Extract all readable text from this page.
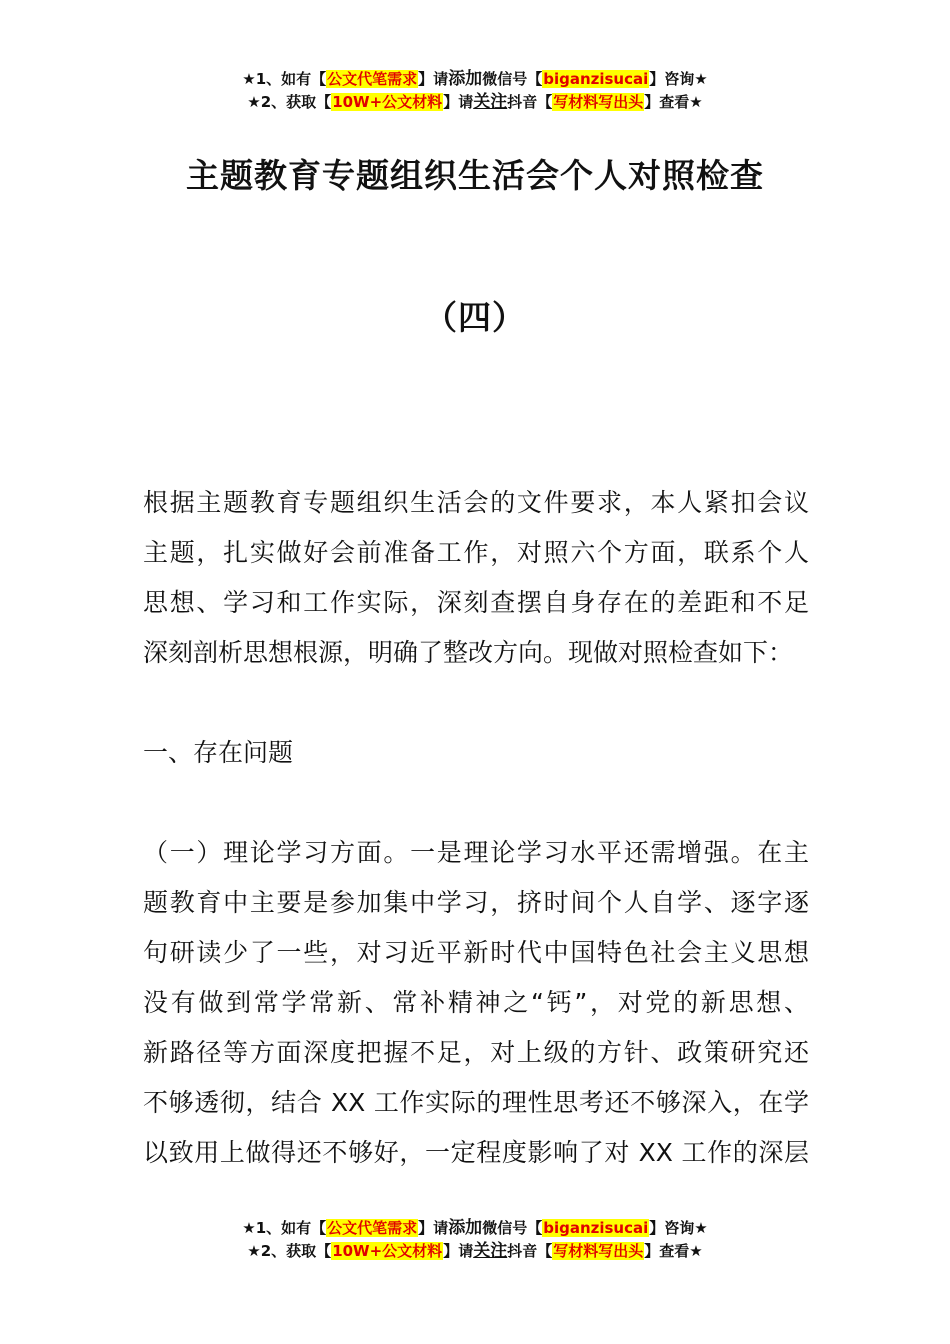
★1、如有【公文代笔需求】请添加微信号【biganzisucai】咨询★
★2、获取【10W+公文材料】请关注抖音【写材料写出头】查看★
主题教育专题组织生活会个人对照检查
（四）
根据主题教育专题组织生活会的文件要求，本人紧扣会议
主题，扎实做好会前准备工作，对照六个方面，联系个人
思想、学习和工作实际，深刻查摆自身存在的差距和不足
深刻剖析思想根源，明确了整改方向。现做对照检查如下：
一、存在问题
（一）理论学习方面。一是理论学习水平还需增强。在主
题教育中主要是参加集中学习，挤时间个人自学、逐字逐
句研读少了一些，对习近平新时代中国特色社会主义思想
没有做到常学常新、常补精神之“钙”，对党的新思想、
新路径等方面深度把握不足，对上级的方针、政策研究还
不够透彻，结合 XX 工作实际的理性思考还不够深入，在学
以致用上做得还不够好，一定程度影响了对 XX 工作的深层
★1、如有【公文代笔需求】请添加微信号【biganzisucai】咨询★
★2、获取【10W+公文材料】请关注抖音【写材料写出头】查看★
